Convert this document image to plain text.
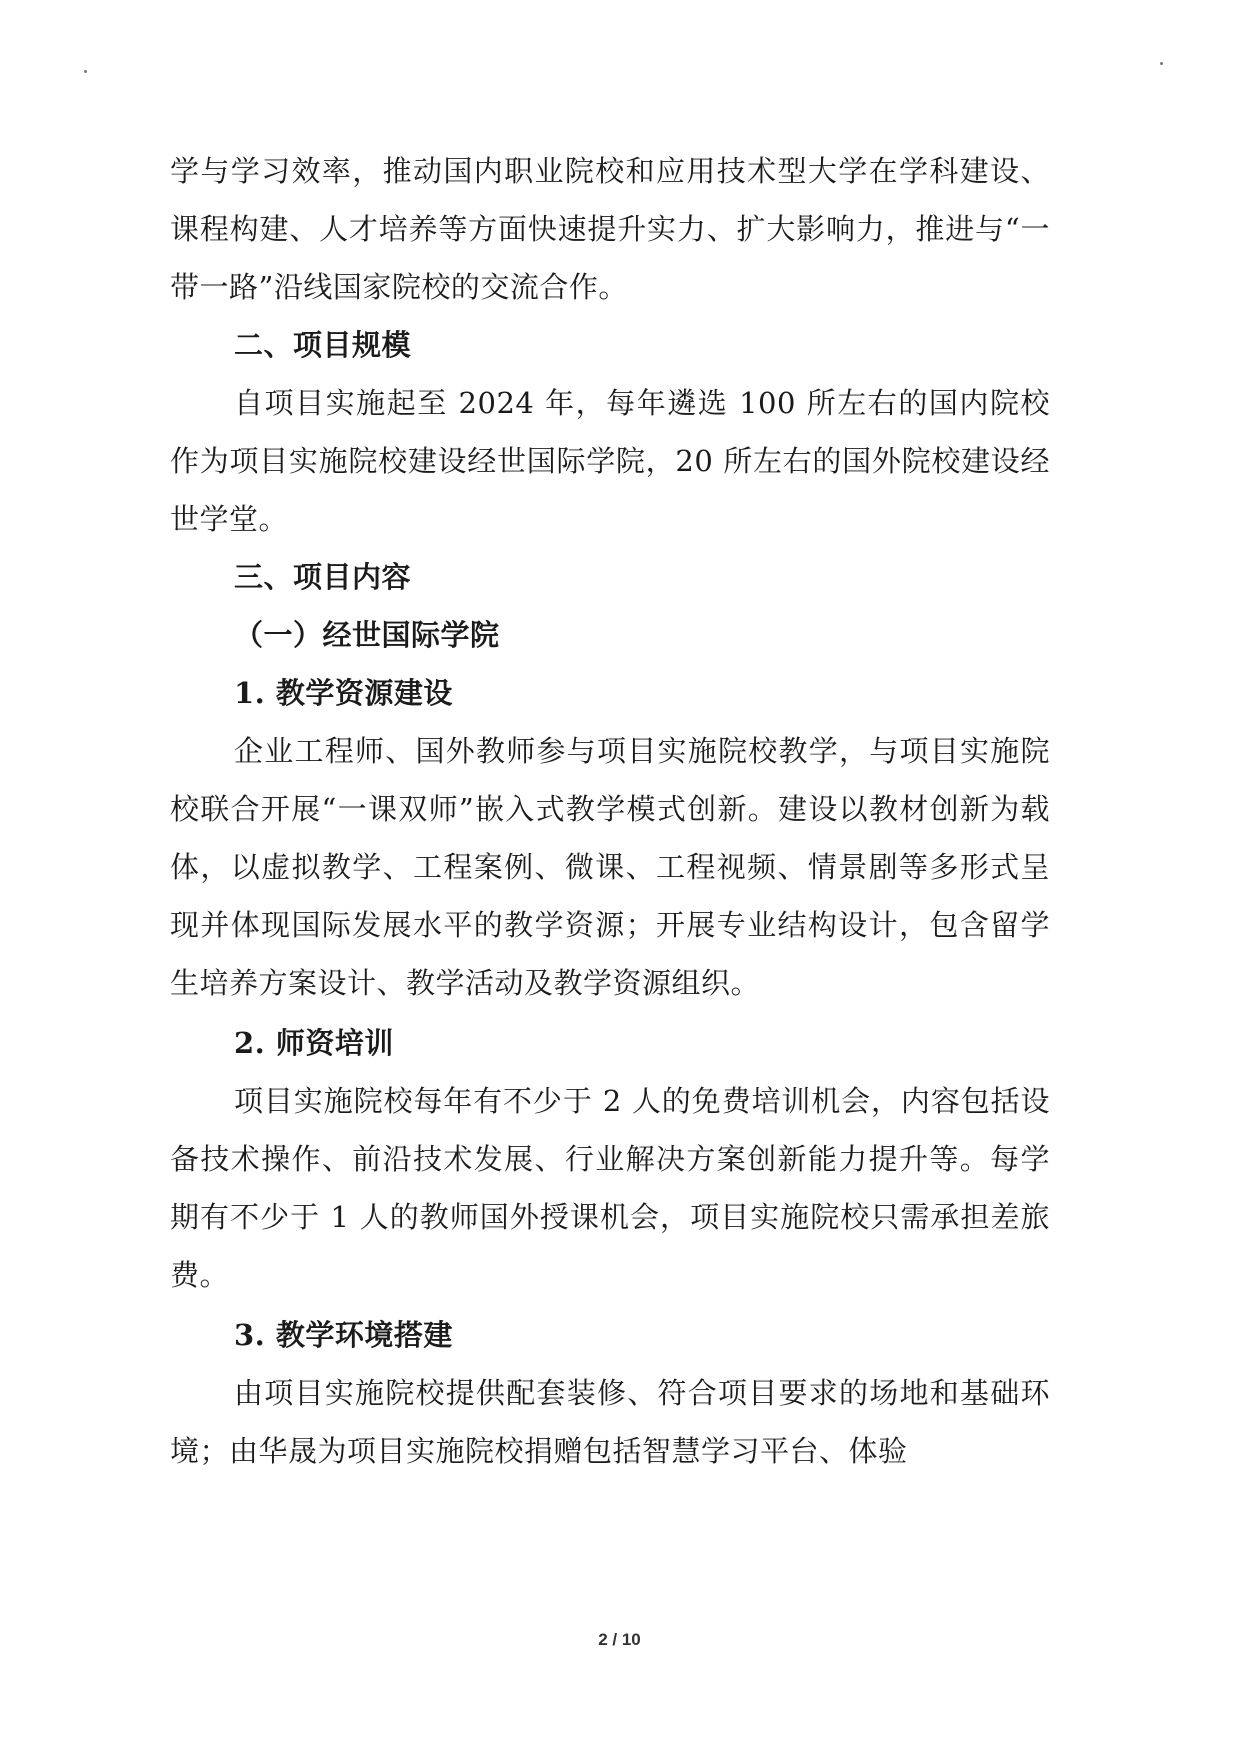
学与学习效率，推动国内职业院校和应用技术型大学在学科建设、课程构建、人才培养等方面快速提升实力、扩大影响力，推进与“一带一路”沿线国家院校的交流合作。

二、项目规模

自项目实施起至 2024 年，每年遴选 100 所左右的国内院校作为项目实施院校建设经世国际学院，20 所左右的国外院校建设经世学堂。

三、项目内容

（一）经世国际学院

1. 教学资源建设

企业工程师、国外教师参与项目实施院校教学，与项目实施院校联合开展“一课双师”嵌入式教学模式创新。建设以教材创新为载体，以虚拟教学、工程案例、微课、工程视频、情景剧等多形式呈现并体现国际发展水平的教学资源；开展专业结构设计，包含留学生培养方案设计、教学活动及教学资源组织。

2. 师资培训

项目实施院校每年有不少于 2 人的免费培训机会，内容包括设备技术操作、前沿技术发展、行业解决方案创新能力提升等。每学期有不少于 1 人的教师国外授课机会，项目实施院校只需承担差旅费。

3. 教学环境搭建

由项目实施院校提供配套装修、符合项目要求的场地和基础环境；由华晟为项目实施院校捐赠包括智慧学习平台、体验

2 / 10
